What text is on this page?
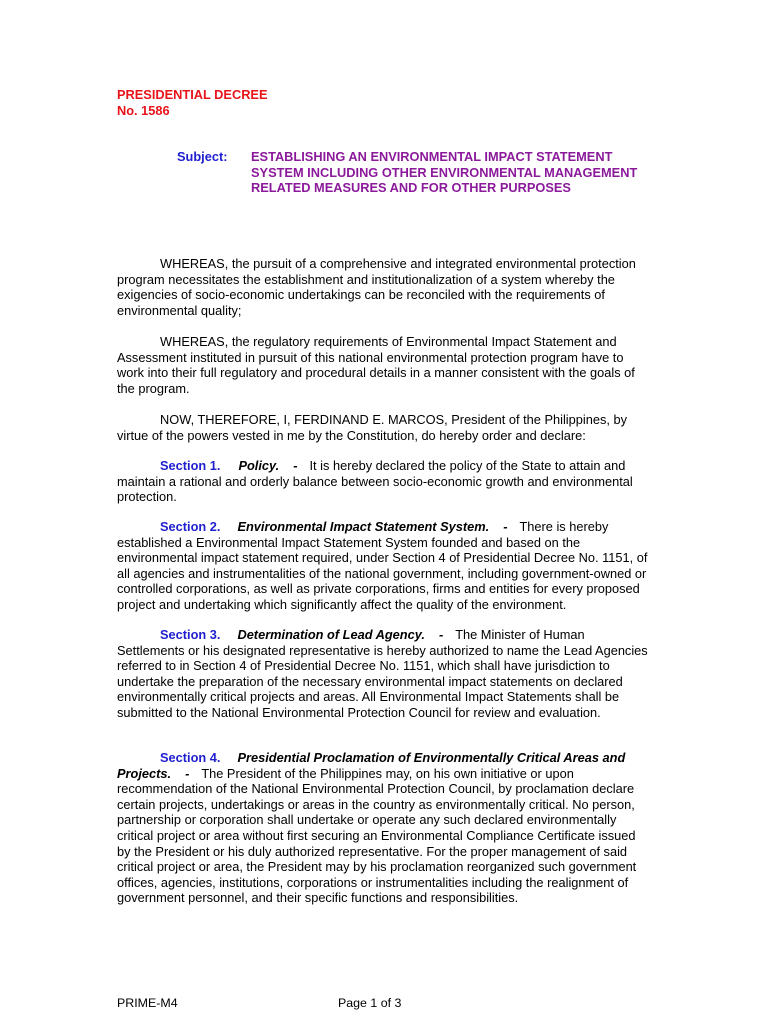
PRESIDENTIAL DECREE
No. 1586
Subject: ESTABLISHING AN ENVIRONMENTAL IMPACT STATEMENT SYSTEM INCLUDING OTHER ENVIRONMENTAL MANAGEMENT RELATED MEASURES AND FOR OTHER PURPOSES
WHEREAS, the pursuit of a comprehensive and integrated environmental protection program necessitates the establishment and institutionalization of a system whereby the exigencies of socio-economic undertakings can be reconciled with the requirements of environmental quality;
WHEREAS, the regulatory requirements of Environmental Impact Statement and Assessment instituted in pursuit of this national environmental protection program have to work into their full regulatory and procedural details in a manner consistent with the goals of the program.
NOW, THEREFORE, I, FERDINAND E. MARCOS, President of the Philippines, by virtue of the powers vested in me by the Constitution, do hereby order and declare:
Section 1. Policy. - It is hereby declared the policy of the State to attain and maintain a rational and orderly balance between socio-economic growth and environmental protection.
Section 2. Environmental Impact Statement System. - There is hereby established a Environmental Impact Statement System founded and based on the environmental impact statement required, under Section 4 of Presidential Decree No. 1151, of all agencies and instrumentalities of the national government, including government-owned or controlled corporations, as well as private corporations, firms and entities for every proposed project and undertaking which significantly affect the quality of the environment.
Section 3. Determination of Lead Agency. - The Minister of Human Settlements or his designated representative is hereby authorized to name the Lead Agencies referred to in Section 4 of Presidential Decree No. 1151, which shall have jurisdiction to undertake the preparation of the necessary environmental impact statements on declared environmentally critical projects and areas. All Environmental Impact Statements shall be submitted to the National Environmental Protection Council for review and evaluation.
Section 4. Presidential Proclamation of Environmentally Critical Areas and Projects. - The President of the Philippines may, on his own initiative or upon recommendation of the National Environmental Protection Council, by proclamation declare certain projects, undertakings or areas in the country as environmentally critical. No person, partnership or corporation shall undertake or operate any such declared environmentally critical project or area without first securing an Environmental Compliance Certificate issued by the President or his duly authorized representative. For the proper management of said critical project or area, the President may by his proclamation reorganized such government offices, agencies, institutions, corporations or instrumentalities including the realignment of government personnel, and their specific functions and responsibilities.
PRIME-M4	Page 1 of 3
